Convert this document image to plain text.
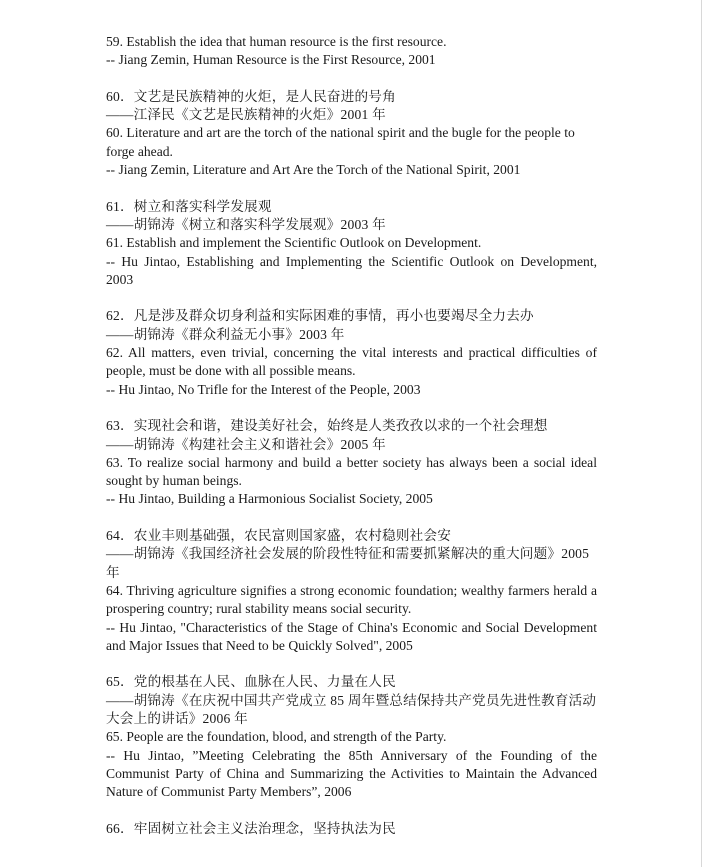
59. Establish the idea that human resource is the first resource.
-- Jiang Zemin, Human Resource is the First Resource, 2001
60．文艺是民族精神的火炬，是人民奋进的号角
——江泽民《文艺是民族精神的火炬》2001 年
60. Literature and art are the torch of the national spirit and the bugle for the people to forge ahead.
-- Jiang Zemin, Literature and Art Are the Torch of the National Spirit, 2001
61．树立和落实科学发展观
——胡锦涛《树立和落实科学发展观》2003 年
61. Establish and implement the Scientific Outlook on Development.
-- Hu Jintao, Establishing and Implementing the Scientific Outlook on Development, 2003
62．凡是涉及群众切身利益和实际困难的事情，再小也要竭尽全力去办
——胡锦涛《群众利益无小事》2003 年
62. All matters, even trivial, concerning the vital interests and practical difficulties of people, must be done with all possible means.
-- Hu Jintao, No Trifle for the Interest of the People, 2003
63．实现社会和谐，建设美好社会，始终是人类孜孜以求的一个社会理想
——胡锦涛《构建社会主义和谐社会》2005 年
63. To realize social harmony and build a better society has always been a social ideal sought by human beings.
-- Hu Jintao, Building a Harmonious Socialist Society, 2005
64．农业丰则基础强，农民富则国家盛，农村稳则社会安
——胡锦涛《我国经济社会发展的阶段性特征和需要抓紧解决的重大问题》2005 年
64. Thriving agriculture signifies a strong economic foundation; wealthy farmers herald a prospering country; rural stability means social security.
-- Hu Jintao, "Characteristics of the Stage of China's Economic and Social Development and Major Issues that Need to be Quickly Solved", 2005
65．党的根基在人民、血脉在人民、力量在人民
——胡锦涛《在庆祝中国共产党成立 85 周年暨总结保持共产党员先进性教育活动大会上的讲话》2006 年
65. People are the foundation, blood, and strength of the Party.
-- Hu Jintao, ”Meeting Celebrating the 85th Anniversary of the Founding of the Communist Party of China and Summarizing the Activities to Maintain the Advanced Nature of Communist Party Members”, 2006
66．牢固树立社会主义法治理念，坚持执法为民
